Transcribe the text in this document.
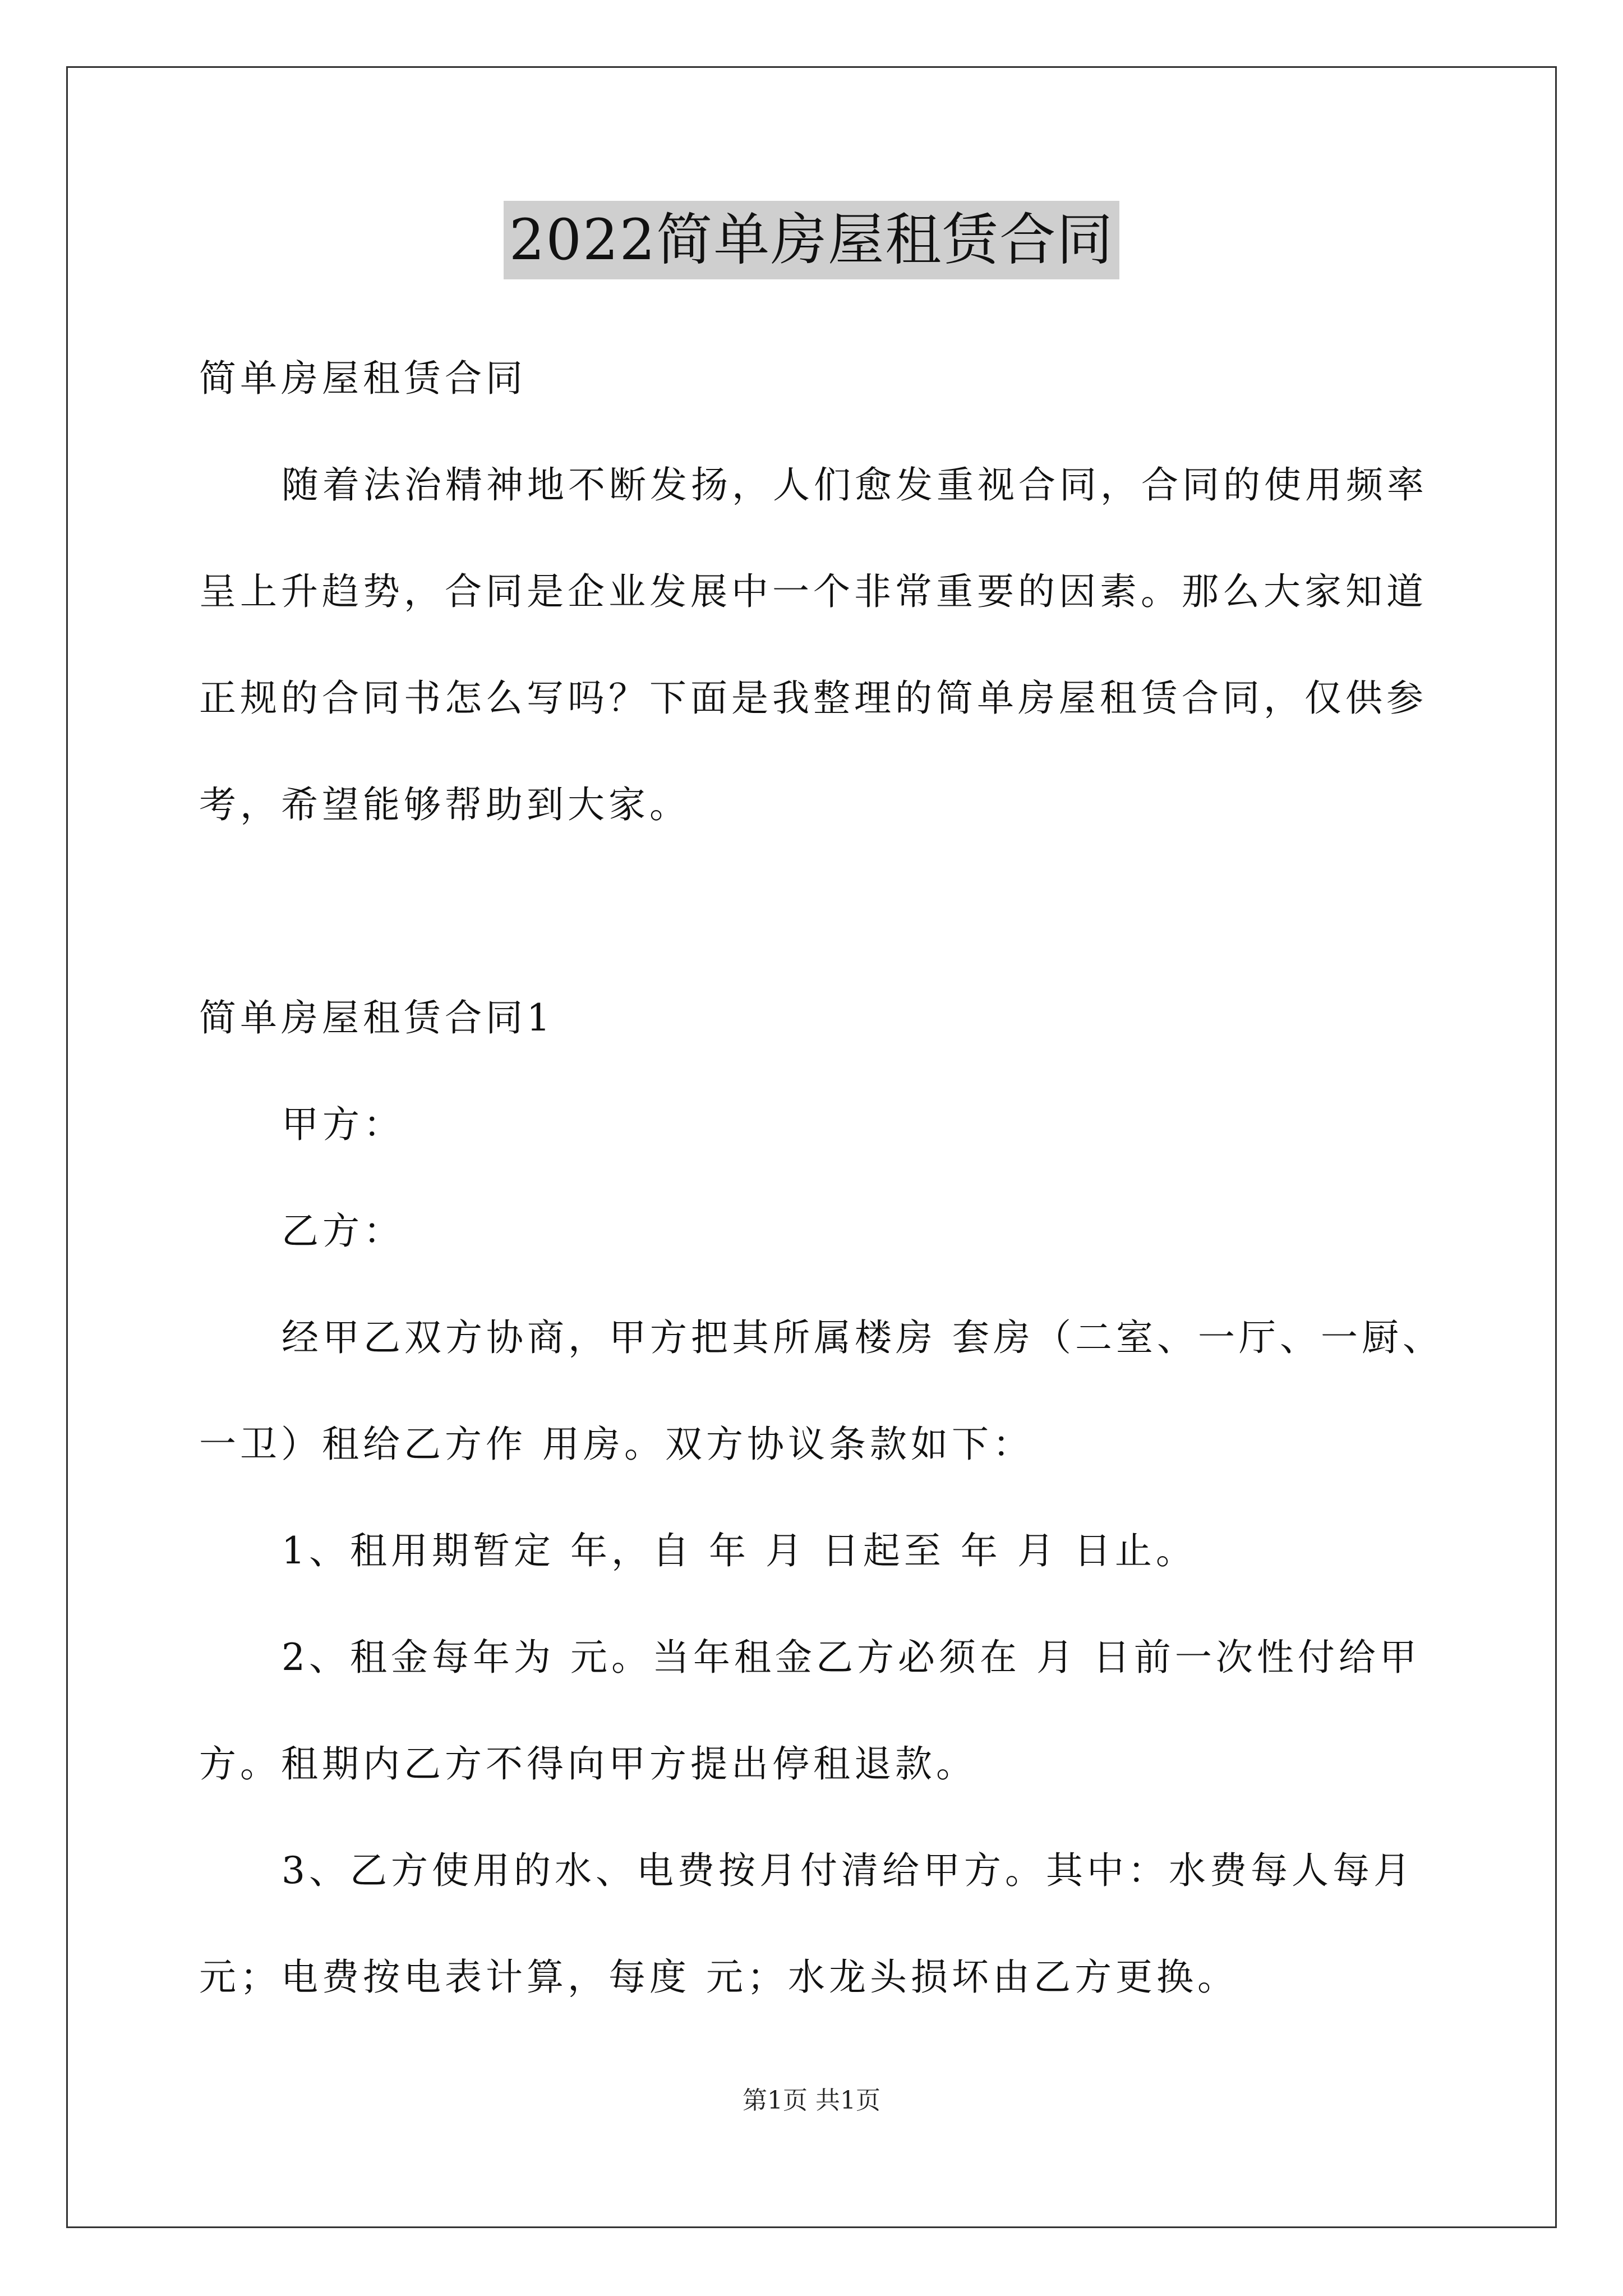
2022简单房屋租赁合同
简单房屋租赁合同
随着法治精神地不断发扬，人们愈发重视合同，合同的使用频率
呈上升趋势，合同是企业发展中一个非常重要的因素。那么大家知道
正规的合同书怎么写吗？下面是我整理的简单房屋租赁合同，仅供参
考，希望能够帮助到大家。
简单房屋租赁合同1
甲方：
乙方：
经甲乙双方协商，甲方把其所属楼房 套房（二室、一厅、一厨、
一卫）租给乙方作 用房。双方协议条款如下：
1、租用期暂定 年，自 年 月 日起至 年 月 日止。
2、租金每年为 元。当年租金乙方必须在 月 日前一次性付给甲
方。租期内乙方不得向甲方提出停租退款。
3、乙方使用的水、电费按月付清给甲方。其中：水费每人每月
元；电费按电表计算，每度 元；水龙头损坏由乙方更换。
第1页 共1页
